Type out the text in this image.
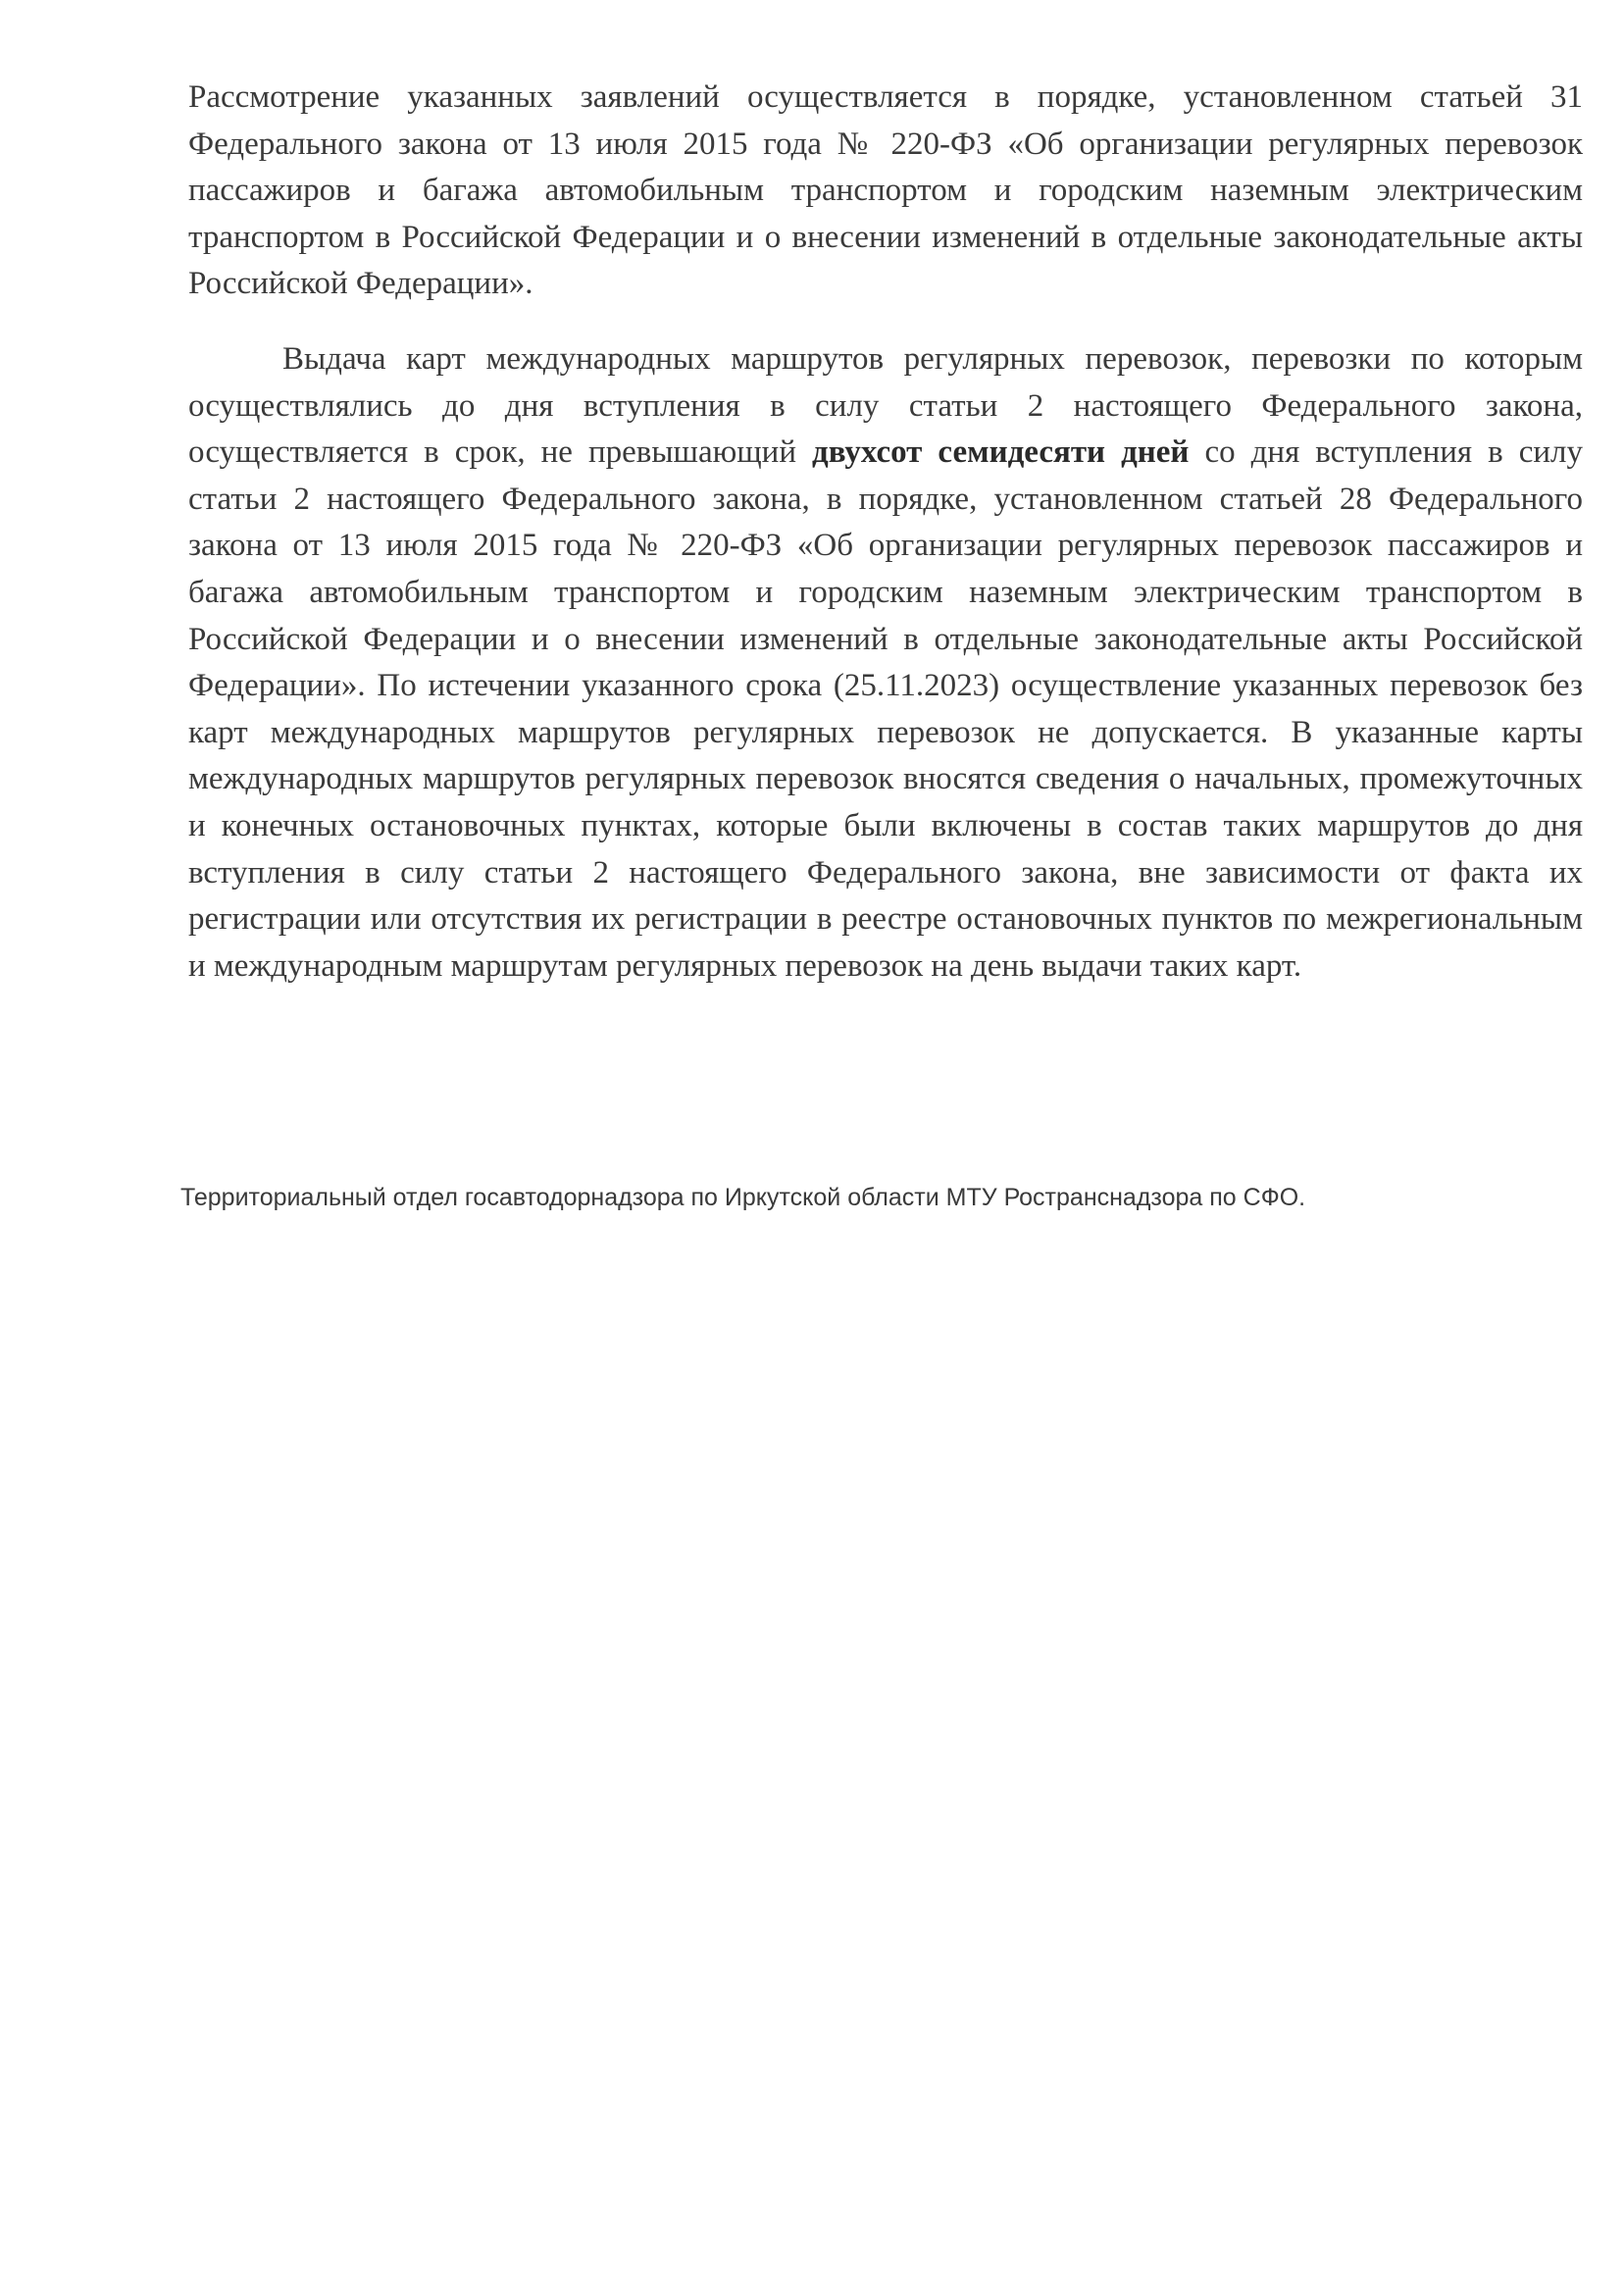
Рассмотрение указанных заявлений осуществляется в порядке, установленном статьей 31 Федерального закона от 13 июля 2015 года № 220-ФЗ «Об организации регулярных перевозок пассажиров и багажа автомобильным транспортом и городским наземным электрическим транспортом в Российской Федерации и о внесении изменений в отдельные законодательные акты Российской Федерации».

Выдача карт международных маршрутов регулярных перевозок, перевозки по которым осуществлялись до дня вступления в силу статьи 2 настоящего Федерального закона, осуществляется в срок, не превышающий двухсот семидесяти дней со дня вступления в силу статьи 2 настоящего Федерального закона, в порядке, установленном статьей 28 Федерального закона от 13 июля 2015 года № 220-ФЗ «Об организации регулярных перевозок пассажиров и багажа автомобильным транспортом и городским наземным электрическим транспортом в Российской Федерации и о внесении изменений в отдельные законодательные акты Российской Федерации». По истечении указанного срока (25.11.2023) осуществление указанных перевозок без карт международных маршрутов регулярных перевозок не допускается. В указанные карты международных маршрутов регулярных перевозок вносятся сведения о начальных, промежуточных и конечных остановочных пунктах, которые были включены в состав таких маршрутов до дня вступления в силу статьи 2 настоящего Федерального закона, вне зависимости от факта их регистрации или отсутствия их регистрации в реестре остановочных пунктов по межрегиональным и международным маршрутам регулярных перевозок на день выдачи таких карт.

Территориальный отдел госавтодорнадзора по Иркутской области МТУ Ространснадзора по СФО.
